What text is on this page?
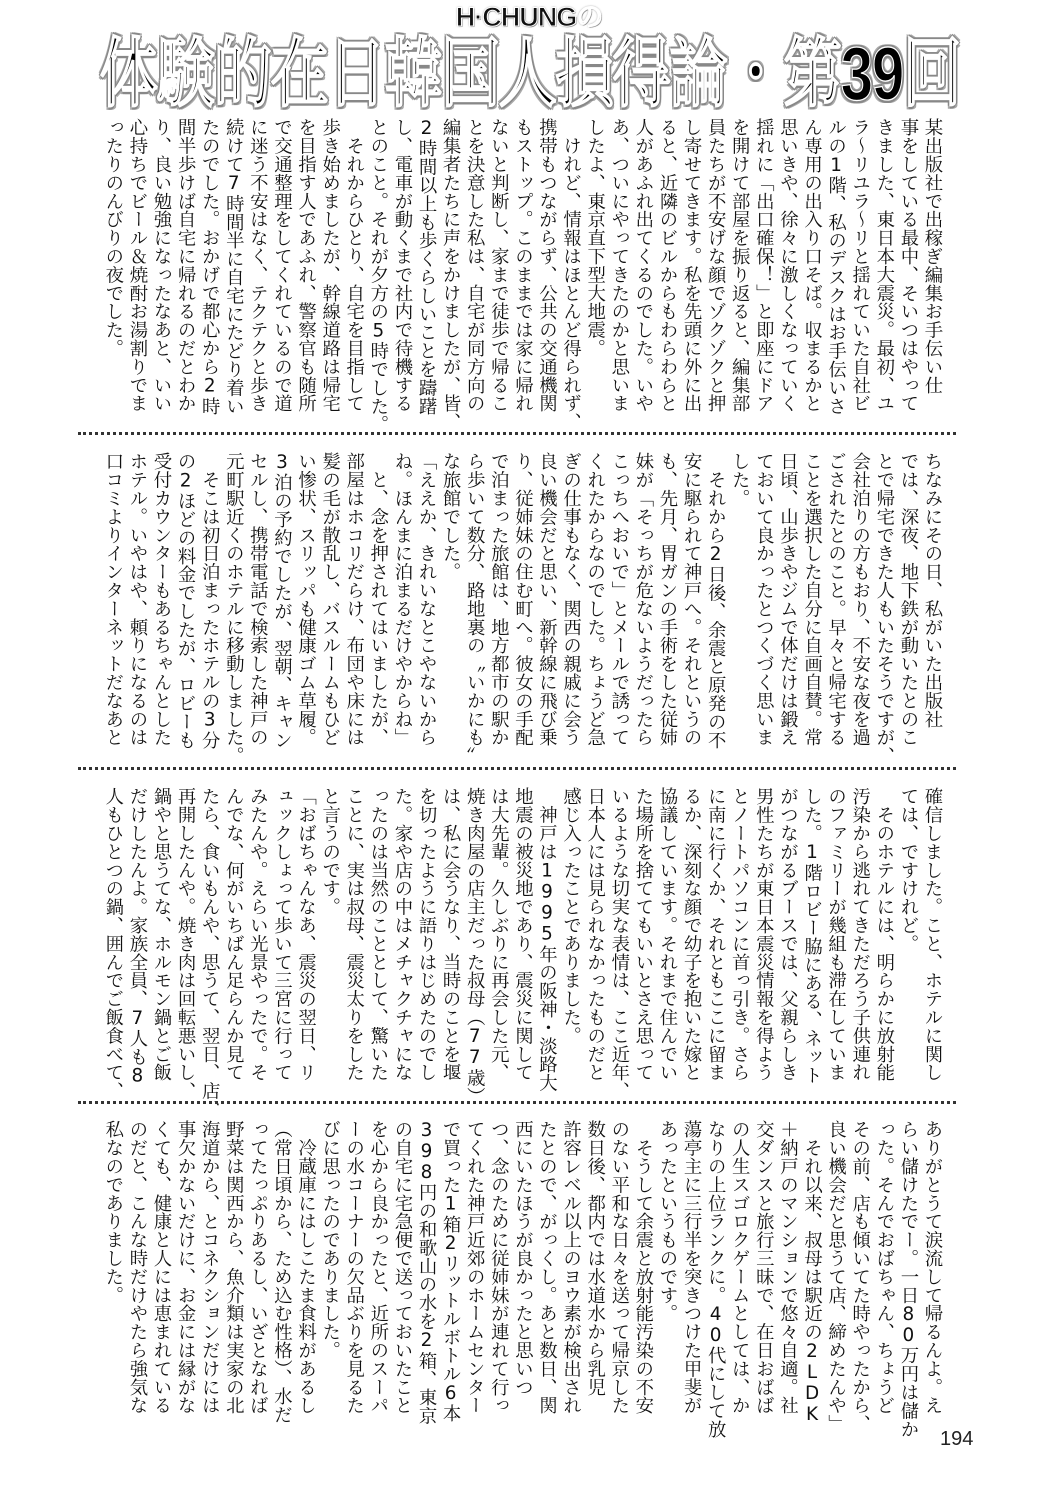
H·CHUNGの
体験的在日韓国人損得論・第39回
某出版社で出稼ぎ編集お手伝い仕
事をしている最中、そいつはやって
きました、東日本大震災。最初、ユ
ラ～リユラ～リと揺れていた自社ビ
ルの1階、私のデスクはお手伝いさ
ん専用の出入り口そば。収まるかと
思いきや、徐々に激しくなっていく
揺れに「出口確保！」と即座にドア
を開けて部屋を振り返ると、編集部
員たちが不安げな顔でゾクゾクと押
し寄せてきます。私を先頭に外に出
ると、近隣のビルからもわらわらと
人があふれ出てくるのでした。いや
あ、ついにやってきたのかと思いま
したよ、東京直下型大地震。
　けれど、情報はほとんど得られず、
携帯もつながらず、公共の交通機関
もストップ。このままでは家に帰れ
ないと判断し、家まで徒歩で帰るこ
とを決意した私は、自宅が同方向の
編集者たちに声をかけましたが、皆、
2時間以上も歩くらしいことを躊躇
し、電車が動くまで社内で待機する
とのこと。それが夕方の5時でした。
　それからひとり、自宅を目指して
歩き始めましたが、幹線道路は帰宅
を目指す人であふれ、警察官も随所
で交通整理をしてくれているので道
に迷う不安はなく、テクテクと歩き
続けて7時間半に自宅にたどり着い
たのでした。おかげで都心から2時
間半歩けば自宅に帰れるのだとわか
り、良い勉強になったなあと、いい
心持ちでビール＆焼酎お湯割りでま
ったりのんびりの夜でした。
ちなみにその日、私がいた出版社
では、深夜、地下鉄が動いたとのこ
とで帰宅できた人もいたそうですが、
会社泊りの方もおり、不安な夜を過
ごされたとのこと。早々と帰宅する
ことを選択した自分に自画自賛。常
日頃、山歩きやジムで体だけは鍛え
ておいて良かったとつくづく思いま
した。
　それから2日後、余震と原発の不
安に駆られて神戸へ。それというの
も、先月、胃ガンの手術をした従姉
妹が「そっちが危ないようだったら
こっちへおいで」とメールで誘って
くれたからなのでした。ちょうど急
ぎの仕事もなく、関西の親戚に会う
良い機会だと思い、新幹線に飛び乗
り、従姉妹の住む町へ。彼女の手配
で泊まった旅館は、地方都市の駅か
ら歩いて数分、路地裏の〝いかにも〟
な旅館でした。
「ええか、きれいなとこやないから
ね。ほんまに泊まるだけやからね」
　と、念を押されてはいましたが、
部屋はホコリだらけ、布団や床には
髪の毛が散乱し、バスルームもひど
い惨状、スリッパも健康ゴム草履。
3泊の予約でしたが、翌朝、キャン
セルし、携帯電話で検索した神戸の
元町駅近くのホテルに移動しました。
　そこは初日泊まったホテルの3分
の2ほどの料金でしたが、ロビーも
受付カウンターもあるちゃんとした
ホテル。いやはや、頼りになるのは
口コミよりインターネットだなあと
確信しました。こと、ホテルに関し
ては、ですけれど。
　そのホテルには、明らかに放射能
汚染から逃れてきただろう子供連れ
のファミリーが幾組も滞在していま
した。1階ロビー脇にある、ネット
がつながるブースでは、父親らしき
男性たちが東日本震災情報を得よう
とノートパソコンに首っ引き。さら
に南に行くか、それともここに留ま
るか、深刻な顔で幼子を抱いた嫁と
協議しています。それまで住んでい
た場所を捨ててもいいとさえ思って
いるような切実な表情は、ここ近年、
日本人には見られなかったものだと
感じ入ったことでありました。
　神戸は1995年の阪神・淡路大
地震の被災地であり、震災に関して
は大先輩。久しぶりに再会した元、
焼き肉屋の店主だった叔母（77歳）
は、私に会うなり、当時のことを堰
を切ったように語りはじめたのでし
た。家や店の中はメチャクチャにな
ったのは当然のこととして、驚いた
ことに、実は叔母、震災太りをした
と言うのです。
「おばちゃんなあ、震災の翌日、リ
ュックしょって歩いて三宮に行って
みたんや。えらい光景やったで。そ
んでな、何がいちばん足らんか見て
たら、食いもんや、思うて、翌日、店、
再開したんや。焼き肉は回転悪いし、
鍋やと思うてな、ホルモン鍋とご飯
だけしたんよ。家族全員、7人も8
人もひとつの鍋、囲んでご飯食べて、
ありがとうて涙流して帰るんよ。え
らい儲けたでー。一日80万円は儲か
った。そんでおばちゃん、ちょうど
その前、店も傾いてた時やったから、
良い機会だと思うて店、締めたんや」
　それ以来、叔母は駅近の2LDK
＋納戸のマンションで悠々自適。社
交ダンスと旅行三昧で、在日おばば
の人生スゴロクゲームとしては、か
なりの上位ランクに。40代にして放
蕩亭主に三行半を突きつけた甲斐が
あったというものです。
　そうして余震と放射能汚染の不安
のない平和な日々を送って帰京した
数日後、都内では水道水から乳児
許容レベル以上のヨウ素が検出され
たとので、がっくし。あと数日、関
西にいたほうが良かったと思いつ
つ、念のために従姉妹が連れて行っ
てくれた神戸近郊のホームセンター
で買った1箱2リットルボトル6本
398円の和歌山の水を2箱、東京
の自宅に宅急便で送っておいたこと
を心から良かったと、近所のスーパ
ーの水コーナーの欠品ぶりを見るた
びに思ったのでありました。
　冷蔵庫にはしこたま食料があるし
（常日頃から、ため込む性格）、水だ
ってたっぷりあるし、いざとなれば
野菜は関西から、魚介類は実家の北
海道から、とコネクションだけには
事欠かないだけに、お金には縁がな
くても、健康と人には恵まれている
のだと、こんな時だけやたら強気な
私なのでありました。
194
